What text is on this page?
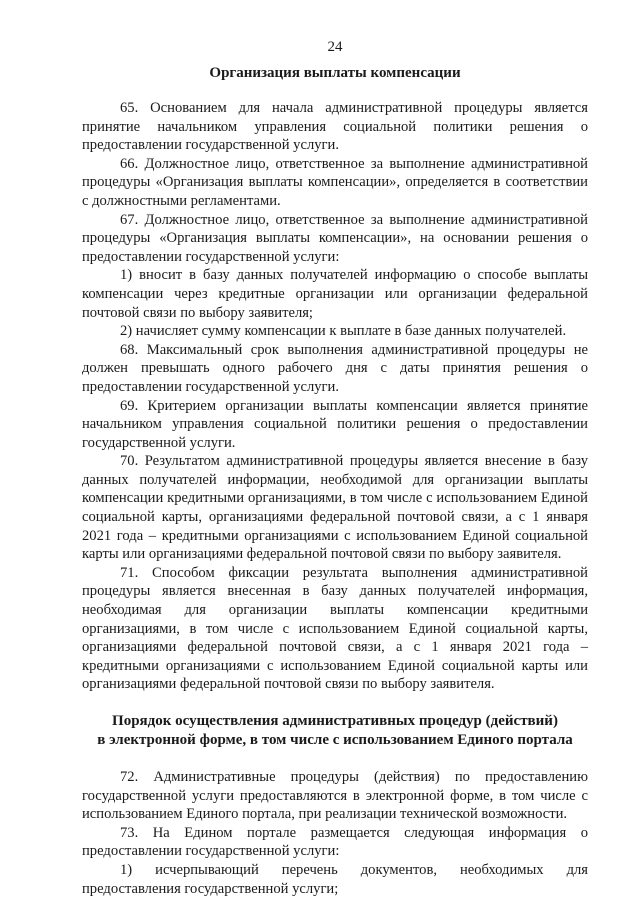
24
Организация выплаты компенсации

65. Основанием для начала административной процедуры является принятие начальником управления социальной политики решения о предоставлении государственной услуги.

66. Должностное лицо, ответственное за выполнение административной процедуры «Организация выплаты компенсации», определяется в соответствии с должностными регламентами.

67. Должностное лицо, ответственное за выполнение административной процедуры «Организация выплаты компенсации», на основании решения о предоставлении государственной услуги:

1) вносит в базу данных получателей информацию о способе выплаты компенсации через кредитные организации или организации федеральной почтовой связи по выбору заявителя;

2) начисляет сумму компенсации к выплате в базе данных получателей.

68. Максимальный срок выполнения административной процедуры не должен превышать одного рабочего дня с даты принятия решения о предоставлении государственной услуги.

69. Критерием организации выплаты компенсации является принятие начальником управления социальной политики решения о предоставлении государственной услуги.

70. Результатом административной процедуры является внесение в базу данных получателей информации, необходимой для организации выплаты компенсации кредитными организациями, в том числе с использованием Единой социальной карты, организациями федеральной почтовой связи, а с 1 января 2021 года – кредитными организациями с использованием Единой социальной карты или организациями федеральной почтовой связи по выбору заявителя.

71. Способом фиксации результата выполнения административной процедуры является внесенная в базу данных получателей информация, необходимая для организации выплаты компенсации кредитными организациями, в том числе с использованием Единой социальной карты, организациями федеральной почтовой связи, а с 1 января 2021 года – кредитными организациями с использованием Единой социальной карты или организациями федеральной почтовой связи по выбору заявителя.

Порядок осуществления административных процедур (действий)
в электронной форме, в том числе с использованием Единого портала

72. Административные процедуры (действия) по предоставлению государственной услуги предоставляются в электронной форме, в том числе с использованием Единого портала, при реализации технической возможности.

73. На Едином портале размещается следующая информация о предоставлении государственной услуги:

1) исчерпывающий перечень документов, необходимых для предоставления государственной услуги;
